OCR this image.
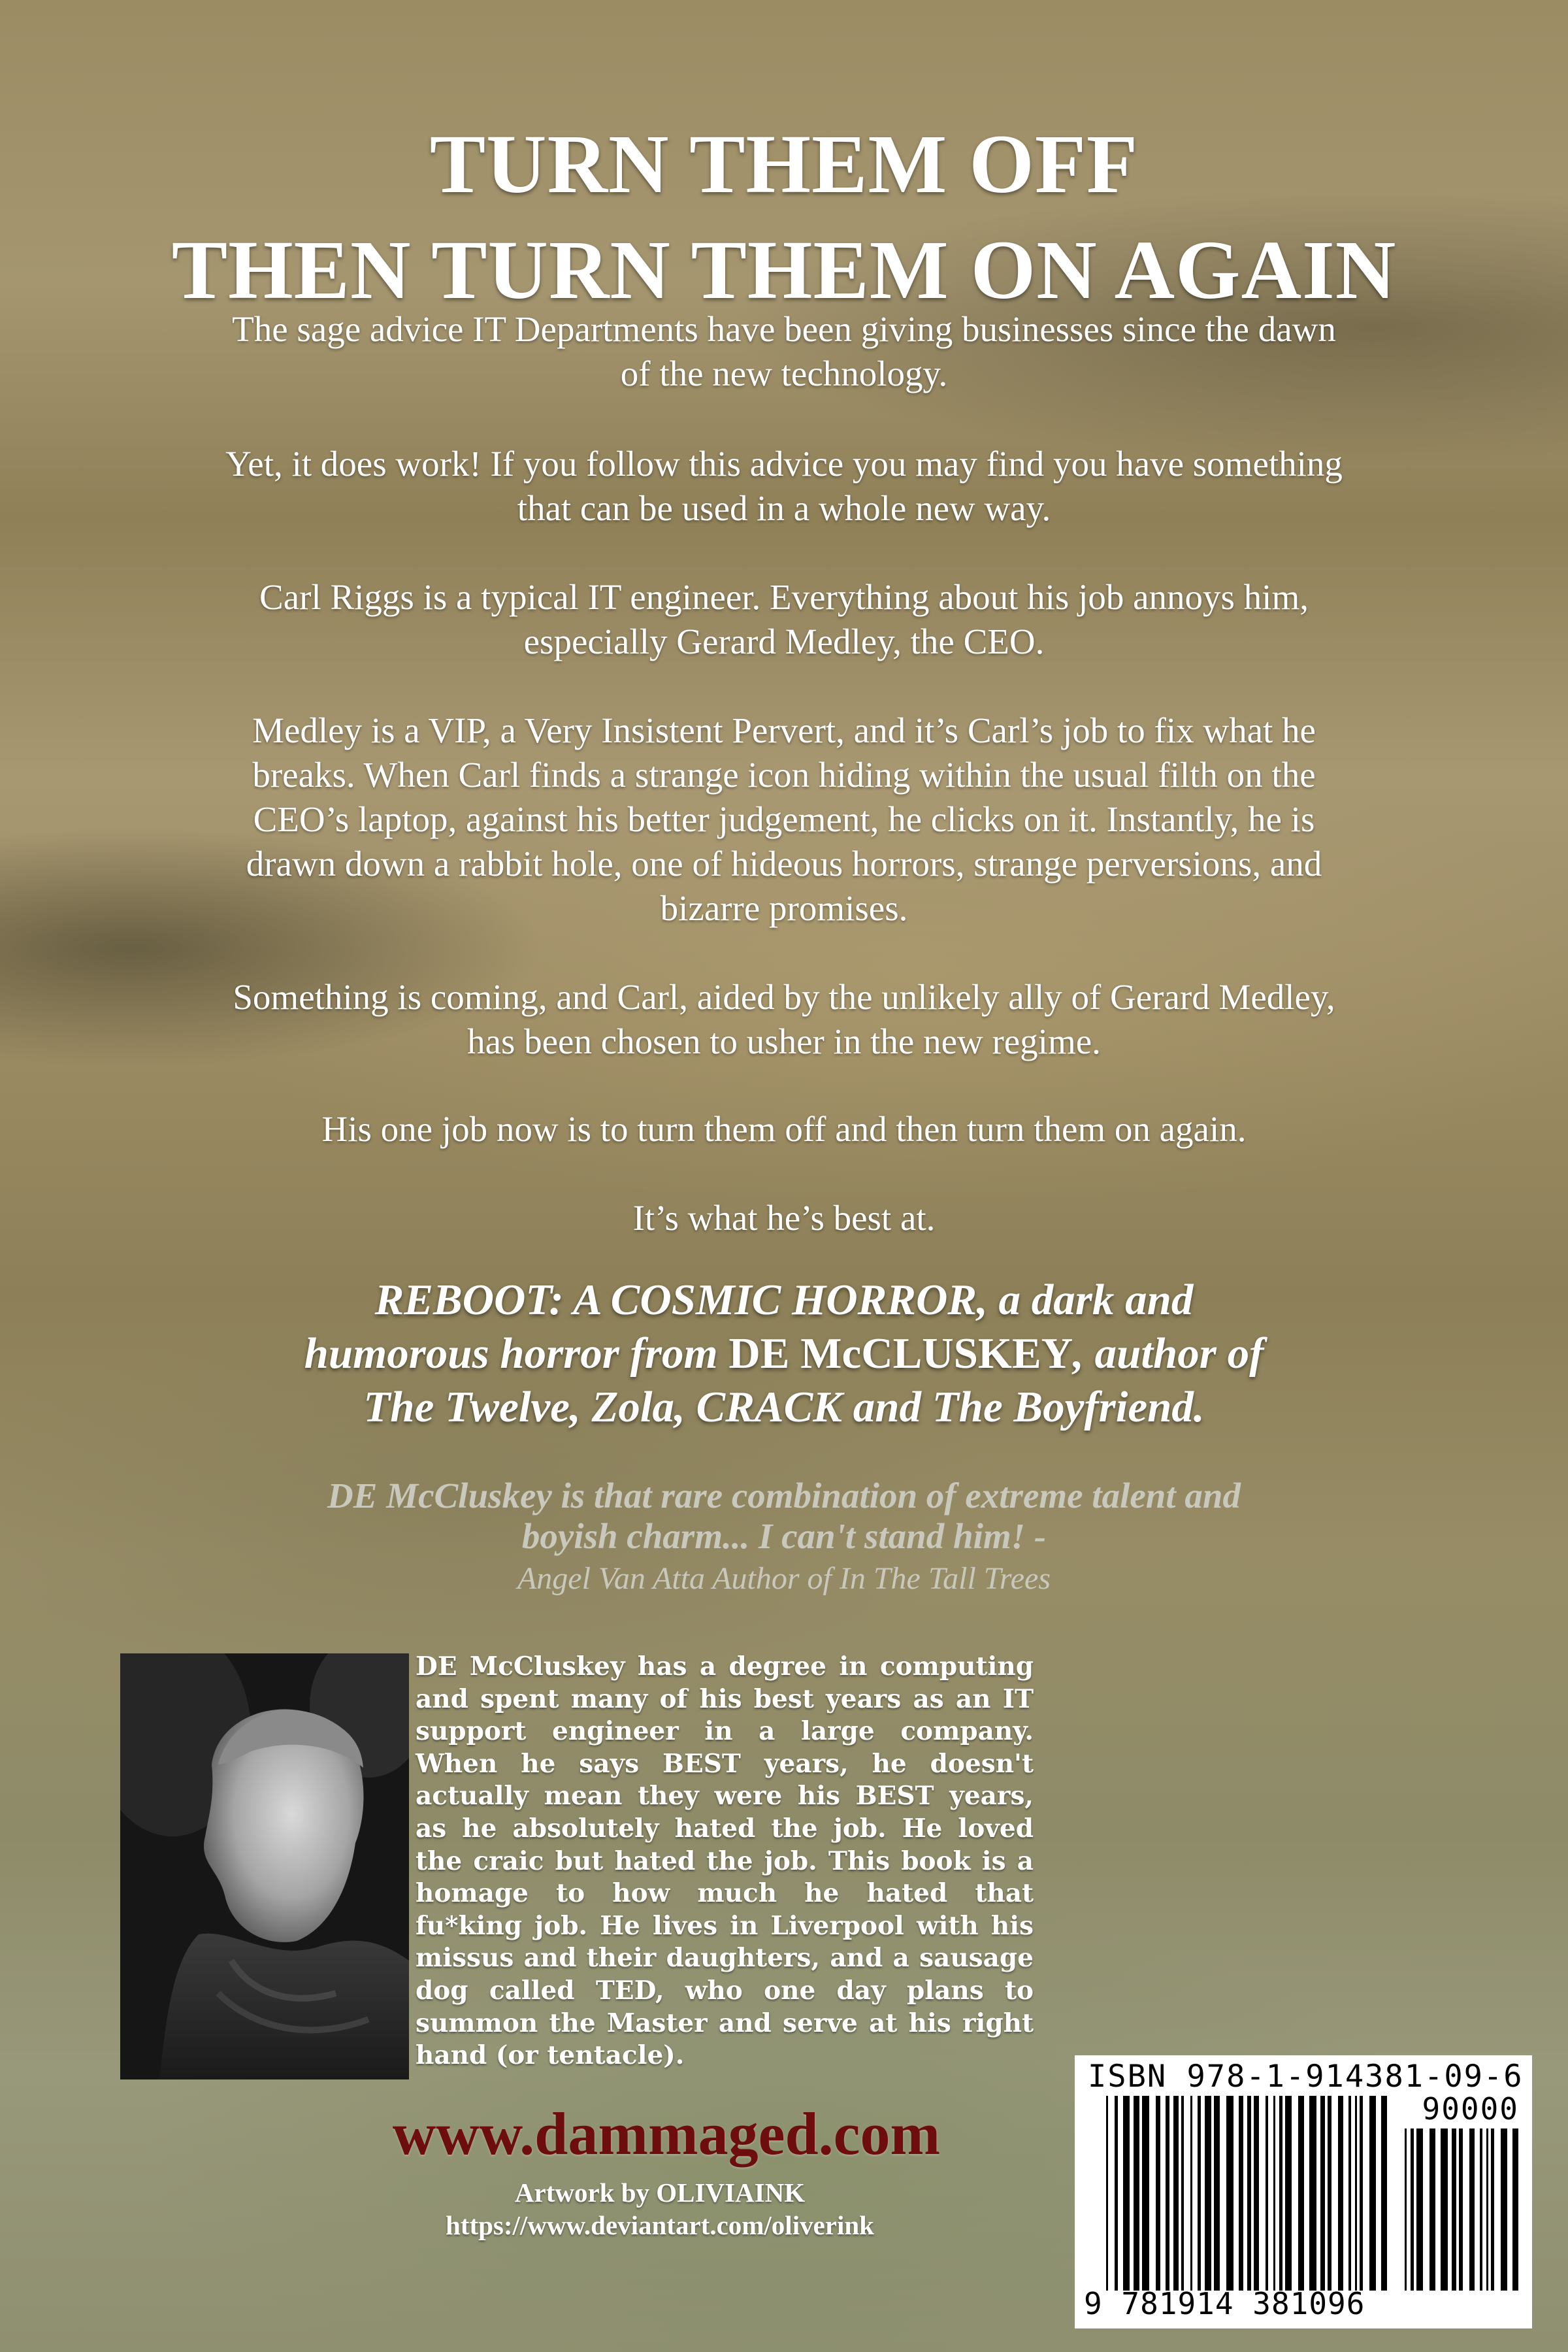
TURN THEM OFF
THEN TURN THEM ON AGAIN
The sage advice IT Departments have been giving businesses since the dawn
of the new technology.
Yet, it does work! If you follow this advice you may find you have something
that can be used in a whole new way.
Carl Riggs is a typical IT engineer. Everything about his job annoys him,
especially Gerard Medley, the CEO.
Medley is a VIP, a Very Insistent Pervert, and it’s Carl’s job to fix what he
breaks. When Carl finds a strange icon hiding within the usual filth on the
CEO’s laptop, against his better judgement, he clicks on it. Instantly, he is
drawn down a rabbit hole, one of hideous horrors, strange perversions, and
bizarre promises.
Something is coming, and Carl, aided by the unlikely ally of Gerard Medley,
has been chosen to usher in the new regime.
His one job now is to turn them off and then turn them on again.
It’s what he’s best at.
REBOOT: A COSMIC HORROR, a dark and
humorous horror from DE McCLUSKEY, author of
The Twelve, Zola, CRACK and The Boyfriend.
DE McCluskey is that rare combination of extreme talent and
boyish charm... I can't stand him! -
Angel Van Atta Author of In The Tall Trees
DE McCluskey has a degree in computing and spent many of his best years as an IT support engineer in a large company. When he says BEST years, he doesn't actually mean they were his BEST years, as he absolutely hated the job. He loved the craic but hated the job. This book is a homage to how much he hated that fu*king job. He lives in Liverpool with his missus and their daughters, and a sausage dog called TED, who one day plans to summon the Master and serve at his right hand (or tentacle).
www.dammaged.com
Artwork by OLIVIAINK
https://www.deviantart.com/oliverink
ISBN 978-1-914381-09-6
90000
9 781914 381096
